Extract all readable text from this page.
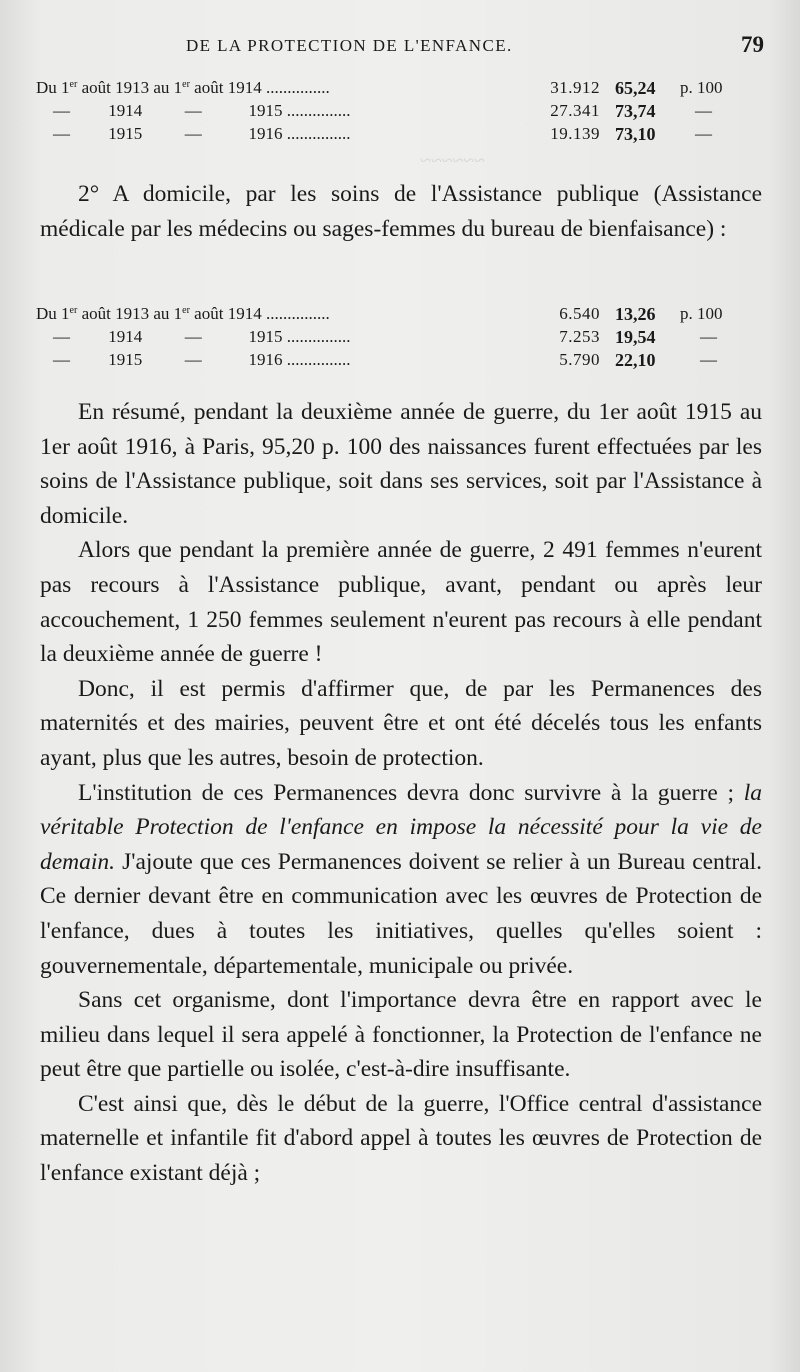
~~~~~~
DE LA PROTECTION DE L'ENFANCE.	79
Du 1er août 1913 au 1er août 1914 ...............	31.912 65,24 p. 100
—         1914          —           1915 ...............	27.341 73,74 —
—         1915          —           1916 ...............	19.139 73,10 —

2° A domicile, par les soins de l'Assistance publique (Assistance médicale par les médecins ou sages-femmes du bureau de bienfaisance) :

Du 1er août 1913 au 1er août 1914 ...............	6.540 13,26 p. 100
—         1914          —           1915 ...............	7.253 19,54	—
—         1915          —           1916 ...............	5.790 22,10	—

En résumé, pendant la deuxième année de guerre, du 1er août 1915 au 1er août 1916, à Paris, 95,20 p. 100 des naissances furent effectuées par les soins de l'Assistance publique, soit dans ses services, soit par l'Assistance à domicile.

Alors que pendant la première année de guerre, 2 491 femmes n'eurent pas recours à l'Assistance publique, avant, pendant ou après leur accouchement, 1 250 femmes seulement n'eurent pas recours à elle pendant la deuxième année de guerre !

Donc, il est permis d'affirmer que, de par les Permanences des maternités et des mairies, peuvent être et ont été décelés tous les enfants ayant, plus que les autres, besoin de protection.

L'institution de ces Permanences devra donc survivre à la guerre ; la véritable Protection de l'enfance en impose la nécessité pour la vie de demain. J'ajoute que ces Permanences doivent se relier à un Bureau central. Ce dernier devant être en communication avec les œuvres de Protection de l'enfance, dues à toutes les initiatives, quelles qu'elles soient : gouvernementale, départementale, municipale ou privée.

Sans cet organisme, dont l'importance devra être en rapport avec le milieu dans lequel il sera appelé à fonctionner, la Protection de l'enfance ne peut être que partielle ou isolée, c'est-à-dire insuffisante.

C'est ainsi que, dès le début de la guerre, l'Office central d'assistance maternelle et infantile fit d'abord appel à toutes les œuvres de Protection de l'enfance existant déjà ;
